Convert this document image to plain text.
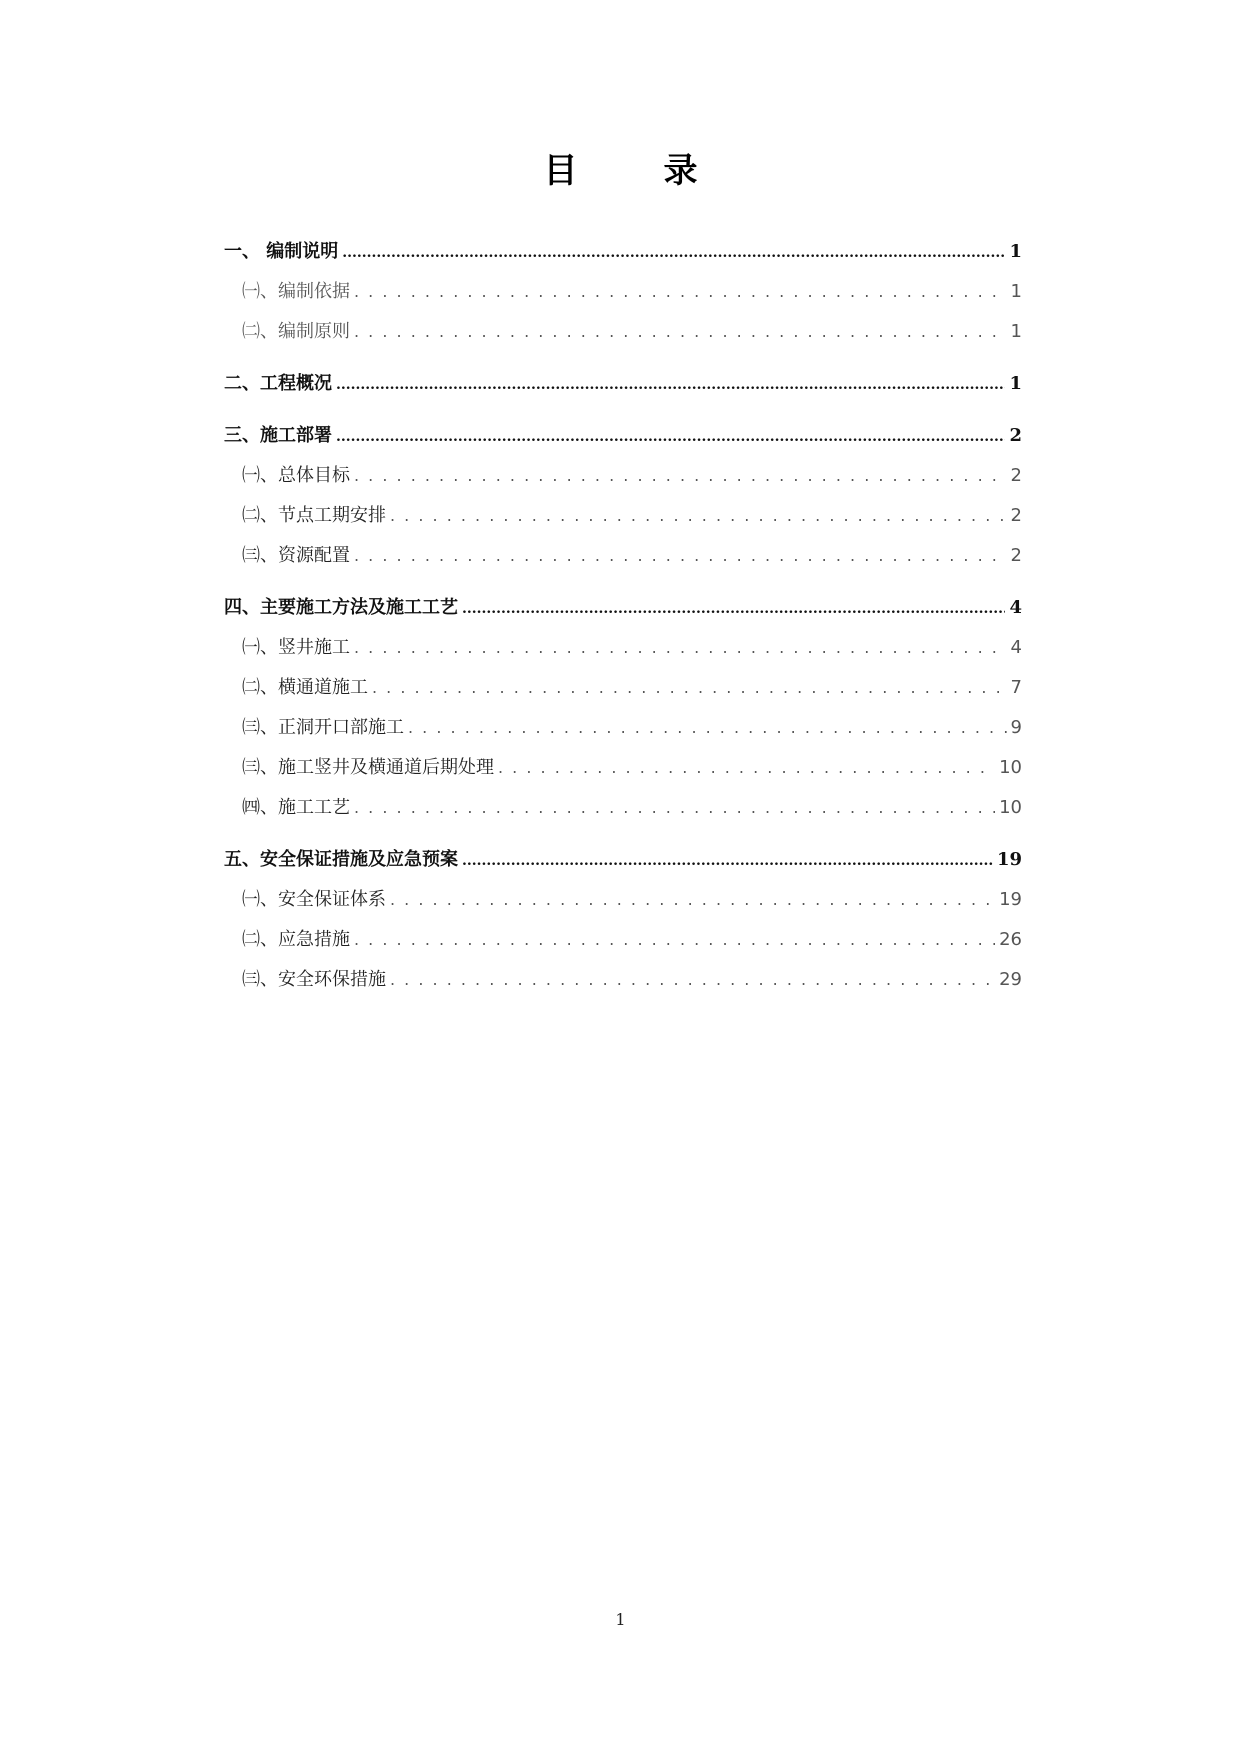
目	录
一、 编制说明 .....	1
㈠、编制依据 . . .	1
㈡、编制原则 . . .	1
二、工程概况 .....	1
三、施工部署 .....	2
㈠、总体目标 . . .	2
㈡、节点工期安排 . . .	2
㈢、资源配置 . . .	2
四、主要施工方法及施工工艺 .....	4
㈠、竖井施工 . . .	4
㈡、横通道施工 . . .	7
㈢、正洞开口部施工 . . .	9
㈢、施工竖井及横通道后期处理 . . .	10
㈣、施工工艺 . . .	10
五、安全保证措施及应急预案 .....	19
㈠、安全保证体系 . . .	19
㈡、应急措施 . . .	26
㈢、安全环保措施 . . .	29
1
